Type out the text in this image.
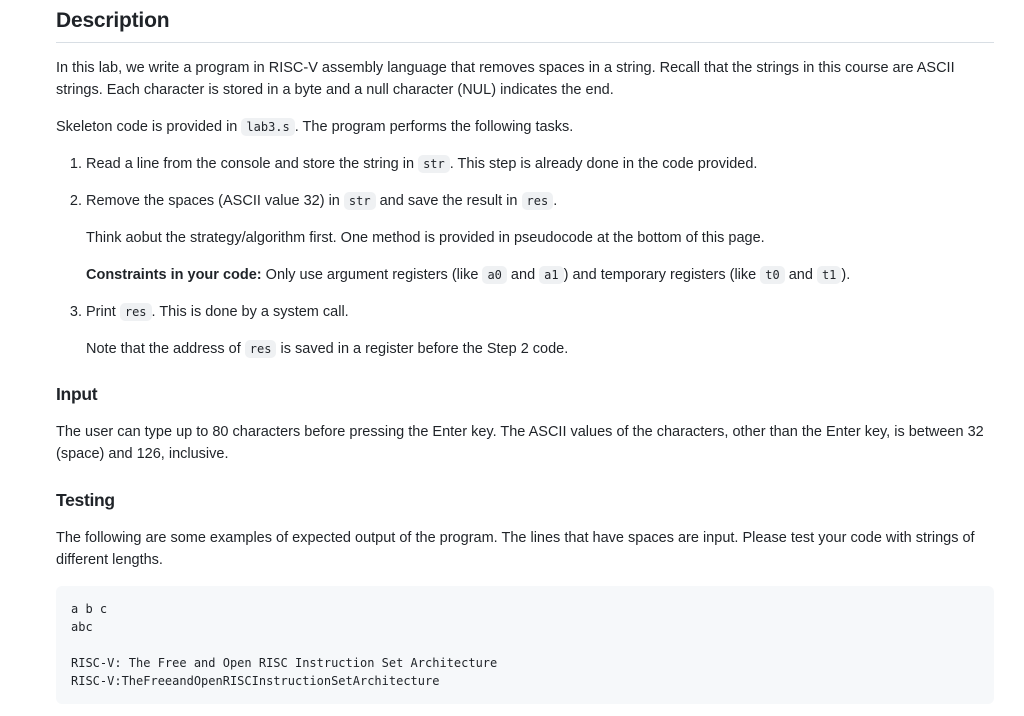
Description

In this lab, we write a program in RISC-V assembly language that removes spaces in a string. Recall that the strings in this course are ASCII strings. Each character is stored in a byte and a null character (NUL) indicates the end.

Skeleton code is provided in lab3.s . The program performs the following tasks.

1. Read a line from the console and store the string in str . This step is already done in the code provided.
2. Remove the spaces (ASCII value 32) in str and save the result in res .

Think aobut the strategy/algorithm first. One method is provided in pseudocode at the bottom of this page.

Constraints in your code: Only use argument registers (like a0 and a1 ) and temporary registers (like t0 and t1 ).

3. Print res . This is done by a system call.

Note that the address of res is saved in a register before the Step 2 code.

Input

The user can type up to 80 characters before pressing the Enter key. The ASCII values of the characters, other than the Enter key, is between 32 (space) and 126, inclusive.

Testing

The following are some examples of expected output of the program. The lines that have spaces are input. Please test your code with strings of different lengths.

a b c
abc
RISC-V: The Free and Open RISC Instruction Set Architecture
RISC-V:TheFreeandOpenRISCInstructionSetArchitecture
